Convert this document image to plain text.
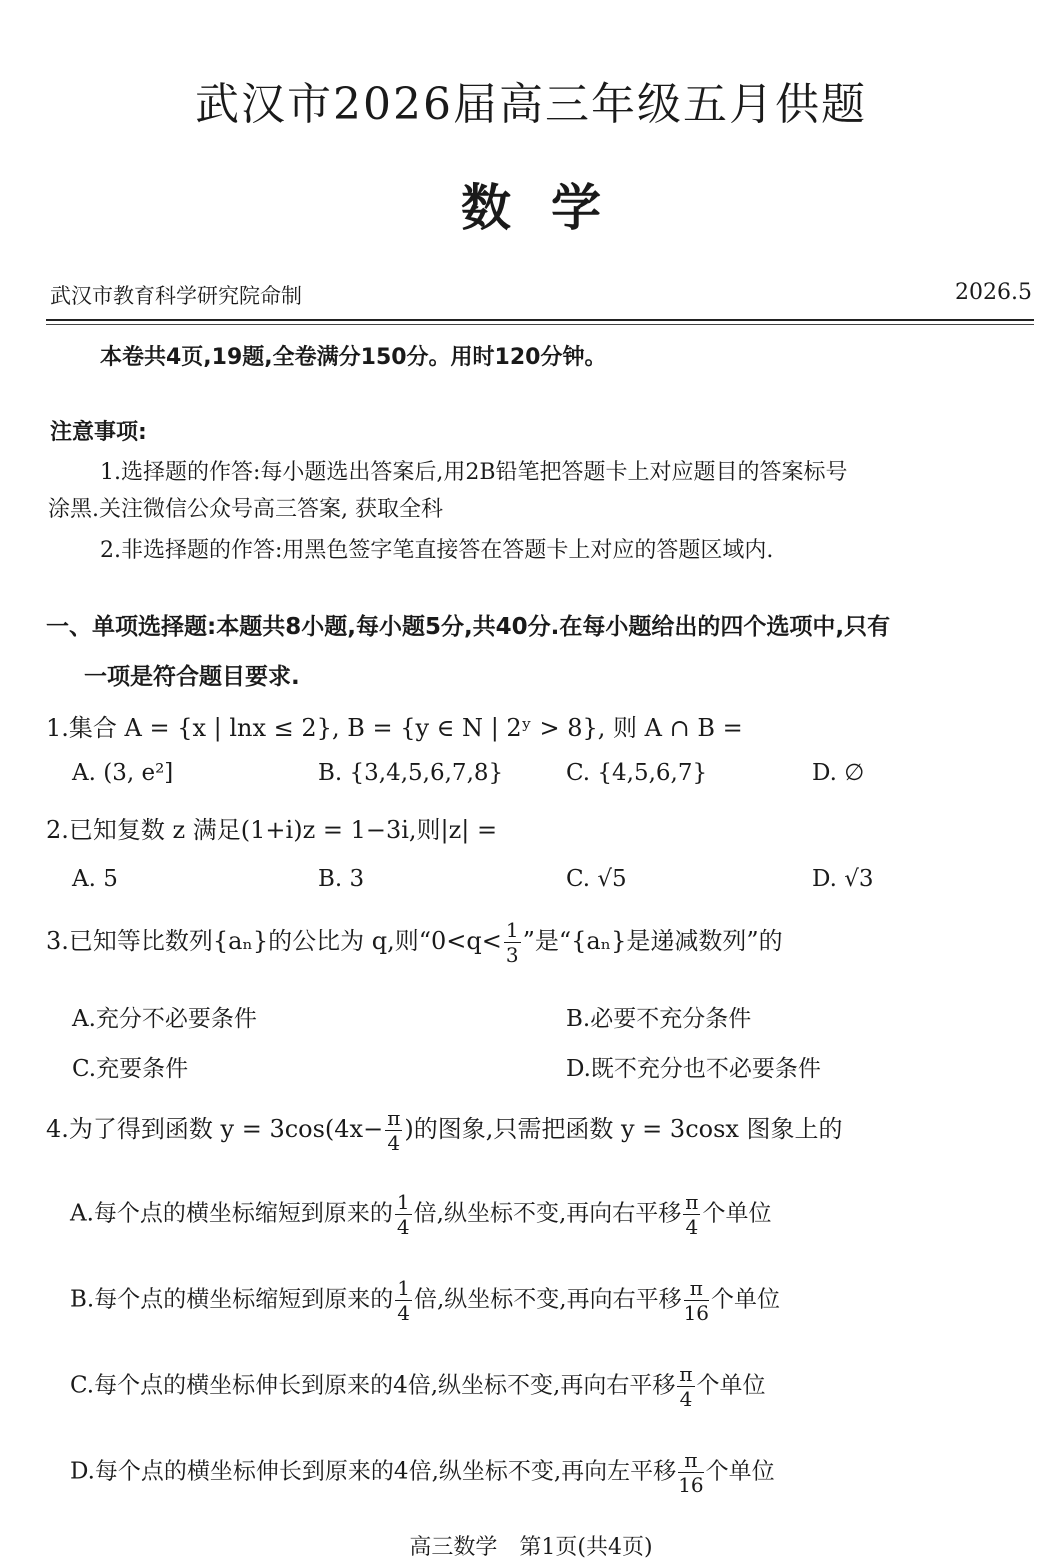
武汉市2026届高三年级五月供题
数学
武汉市教育科学研究院命制	2026.5
本卷共4页,19题,全卷满分150分。用时120分钟。
注意事项:
1.选择题的作答:每小题选出答案后,用2B铅笔把答题卡上对应题目的答案标号
涂黑.关注微信公众号高三答案, 获取全科
2.非选择题的作答:用黑色签字笔直接答在答题卡上对应的答题区域内.
一、单项选择题:本题共8小题,每小题5分,共40分.在每小题给出的四个选项中,只有
一项是符合题目要求.
1.集合 A = {x | lnx ≤ 2}, B = {y ∈ N | 2ʸ > 8}, 则 A ∩ B =
A. (3, e²]	B. {3,4,5,6,7,8}	C. {4,5,6,7}	D. ∅
2.已知复数 z 满足(1+i)z = 1−3i,则|z| =
A. 5	B. 3	C. √5	D. √3
3.已知等比数列{aₙ}的公比为 q,则“$0<q< \frac{1}{3}$ ”是“{aₙ}是递减数列”的
A.充分不必要条件	B.必要不充分条件
C.充要条件	D.既不充分也不必要条件
4.为了得到函数 $y = 3\cos(4x- \frac{\pi}{4}$ )的图象,只需把函数 y = 3cosx 图象上的
A.每个点的横坐标缩短到原来的 $\frac{1}{4}$ 倍,纵坐标不变,再向右平移 $\frac{\pi}{4}$ 个单位
B.每个点的横坐标缩短到原来的 $\frac{1}{4}$ 倍,纵坐标不变,再向右平移 $\frac{\pi}{16}$ 个单位
C.每个点的横坐标伸长到原来的4倍,纵坐标不变,再向右平移 $\frac{\pi}{4}$ 个单位
D.每个点的横坐标伸长到原来的4倍,纵坐标不变,再向左平移 $\frac{\pi}{16}$ 个单位
高三数学　第1页(共4页)
